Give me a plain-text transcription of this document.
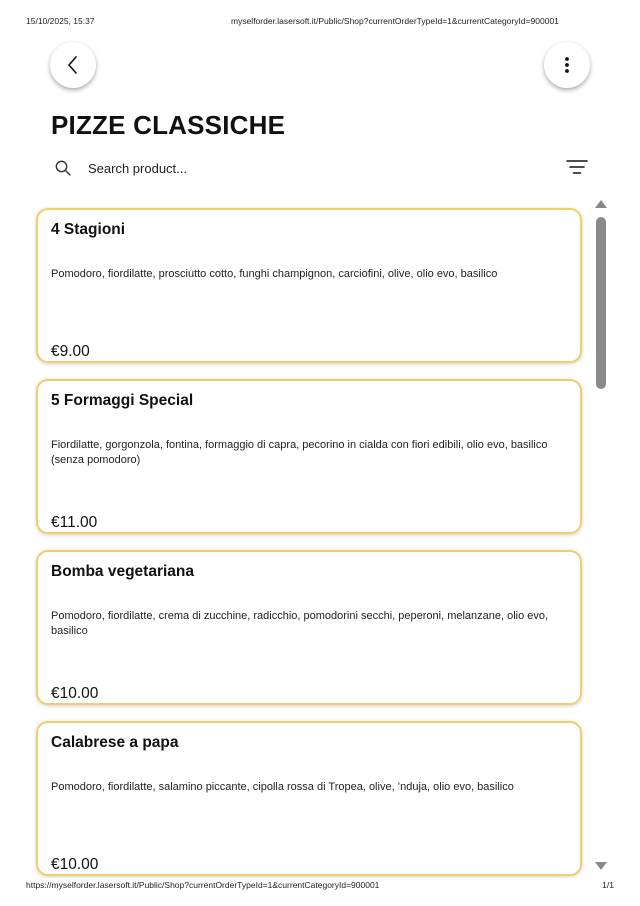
15/10/2025, 15:37	myselforder.lasersoft.it/Public/Shop?currentOrderTypeId=1&currentCategoryId=900001
PIZZE CLASSICHE
Search product...
4 Stagioni
Pomodoro, fiordilatte, prosciutto cotto, funghi champignon, carciofini, olive, olio evo, basilico
€9.00
5 Formaggi Special
Fiordilatte, gorgonzola, fontina, formaggio di capra, pecorino in cialda con fiori edibili, olio evo, basilico (senza pomodoro)
€11.00
Bomba vegetariana
Pomodoro, fiordilatte, crema di zucchine, radicchio, pomodorini secchi, peperoni, melanzane, olio evo, basilico
€10.00
Calabrese a papa
Pomodoro, fiordilatte, salamino piccante, cipolla rossa di Tropea, olive, ’nduja, olio evo, basilico
€10.00
https://myselforder.lasersoft.it/Public/Shop?currentOrderTypeId=1&currentCategoryId=900001	1/1
